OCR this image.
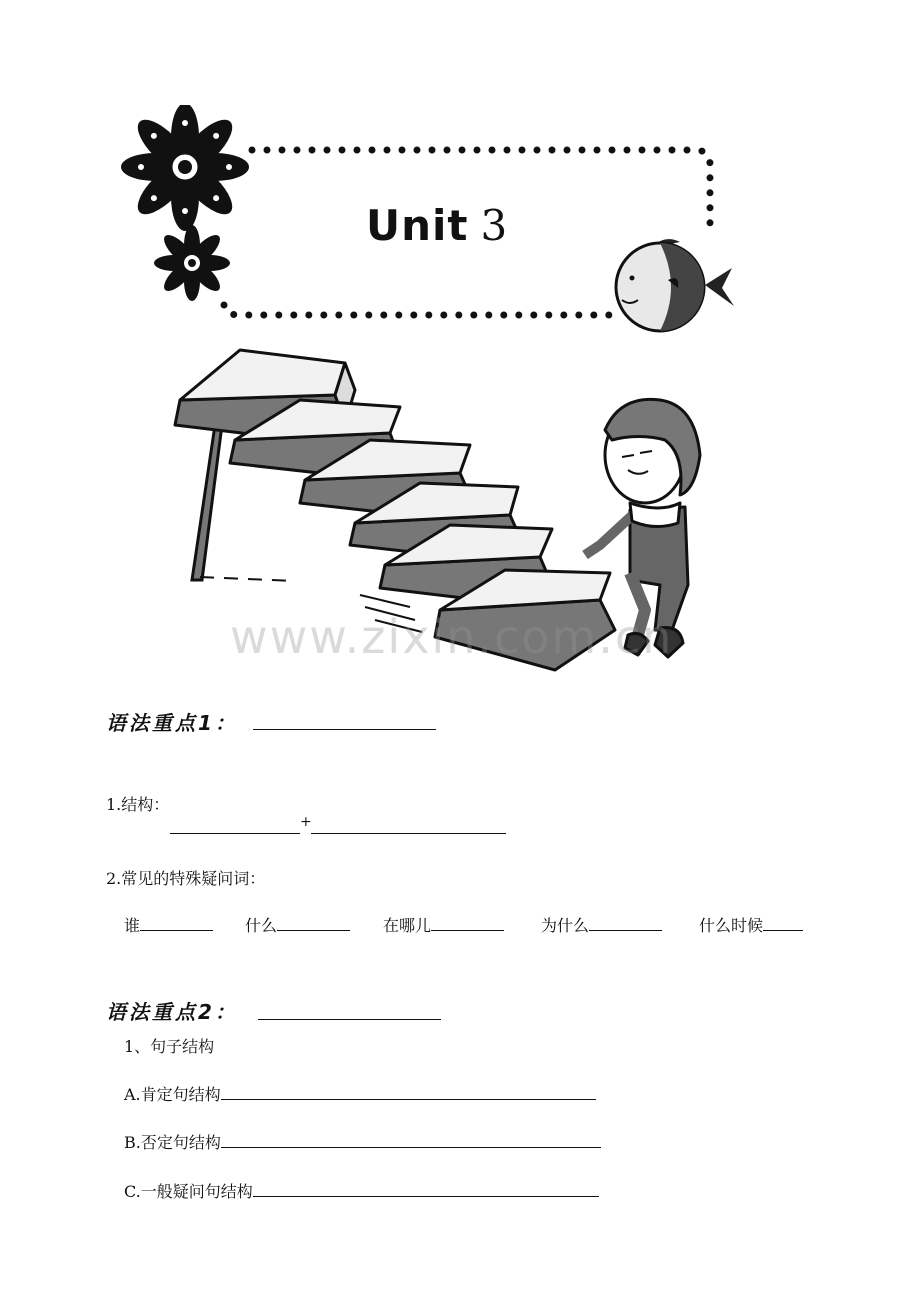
Unit 3
www.zixin.com.cn
语法重点1：
1.结构：
+
2.常见的特殊疑问词：
谁	什么	在哪儿	为什么	什么时候
语法重点2：
1、句子结构
A.肯定句结构
B.否定句结构
C.一般疑问句结构
